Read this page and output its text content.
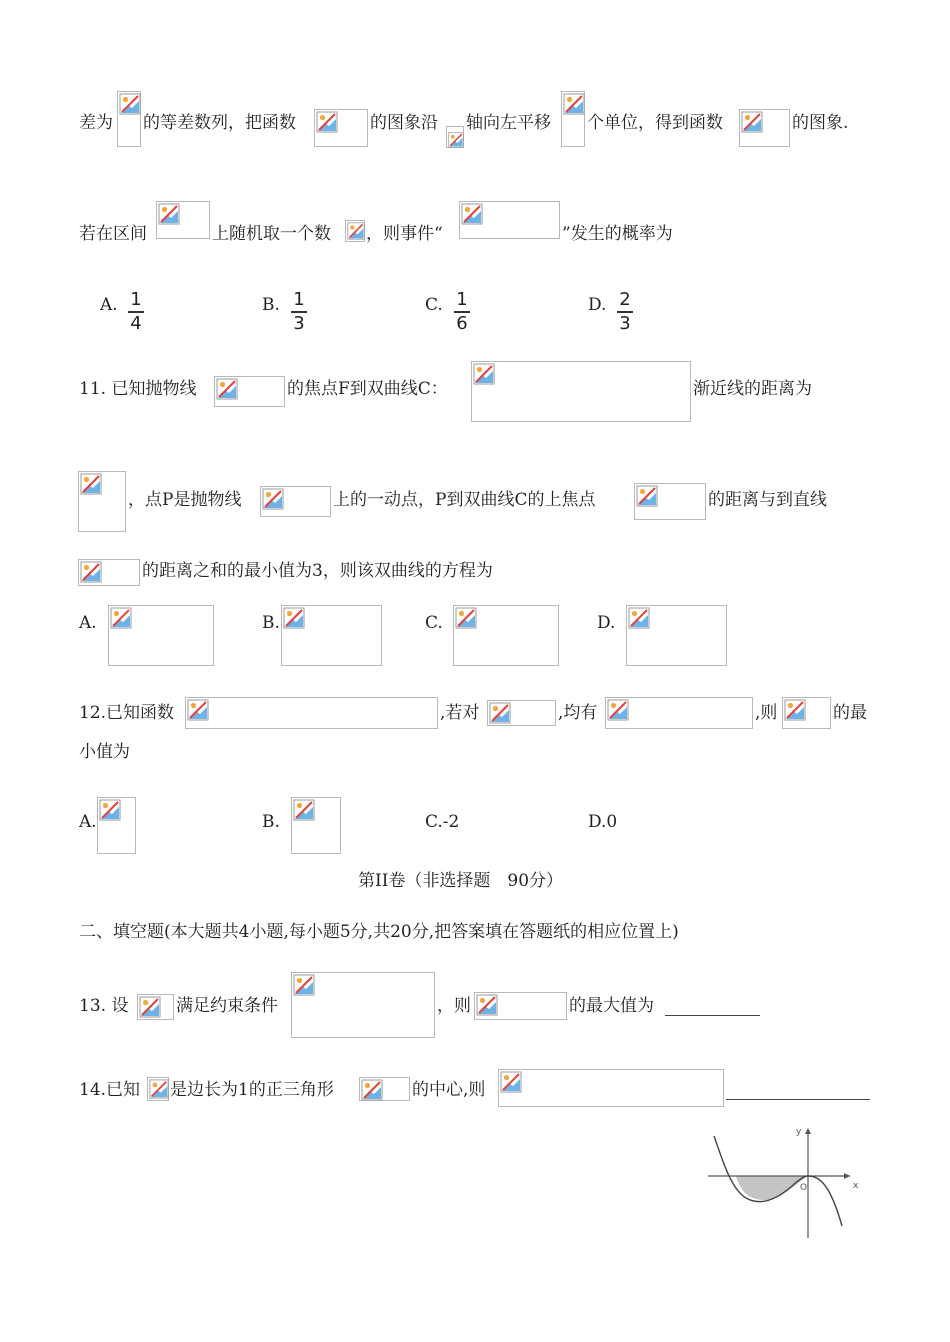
差为 的等差数列，把函数	的图象沿 轴向左平移 个单位，得到函数	的图象.
若在区间	上随机取一个数 ，则事件“	”发生的概率为
A. 1
4
B. 1
3
C. 1
6
D. 2
3
11. 已知抛物线	的焦点F到双曲线C：	渐近线的距离为
，点P是抛物线	上的一动点，P到双曲线C的上焦点	的距离与到直线
的距离之和的最小值为3，则该双曲线的方程为
A.	B.	C.	D.
12.已知函数	,若对	,均有	,则	的最
小值为
A.	B.	C.-2	D.0
第II卷（非选择题　90分）
二、填空题(本大题共4小题,每小题5分,共20分,把答案填在答题纸的相应位置上)
13. 设	满足约束条件	，则	的最大值为
14.已知 是边长为1的正三角形	的中心,则
x
y
O
